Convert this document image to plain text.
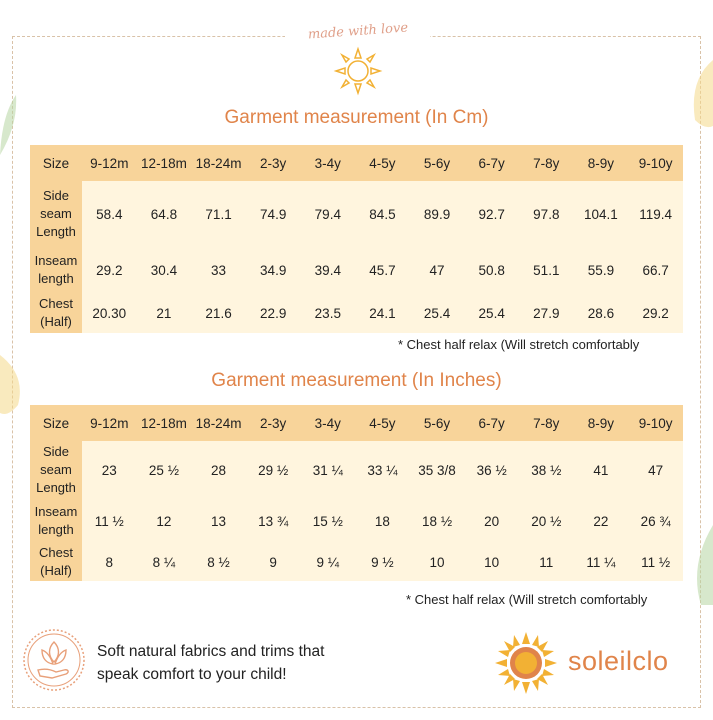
made with love
Garment measurement (In Cm)
Size	9-12m	12-18m	18-24m	2-3y	3-4y	4-5y	5-6y	6-7y	7-8y	8-9y	9-10y
Side
seam
Length	58.4	64.8	71.1	74.9	79.4	84.5	89.9	92.7	97.8	104.1	119.4
Inseam
length	29.2	30.4	33	34.9	39.4	45.7	47	50.8	51.1	55.9	66.7
Chest
(Half)	20.30	21	21.6	22.9	23.5	24.1	25.4	25.4	27.9	28.6	29.2
* Chest half relax (Will stretch comfortably
Garment measurement (In Inches)
Size	9-12m	12-18m	18-24m	2-3y	3-4y	4-5y	5-6y	6-7y	7-8y	8-9y	9-10y
Side
seam
Length	23	25 ½	28	29 ½	31 ¼	33 ¼	35 3/8	36 ½	38 ½	41	47
Inseam
length	11 ½	12	13	13 ¾	15 ½	18	18 ½	20	20 ½	22	26 ¾
Chest
(Half)	8	8 ¼	8 ½	9	9 ¼	9 ½	10	10	11	11 ¼	11 ½
* Chest half relax (Will stretch comfortably
Soft natural fabrics and trims that
speak comfort to your child!	soleilclo
